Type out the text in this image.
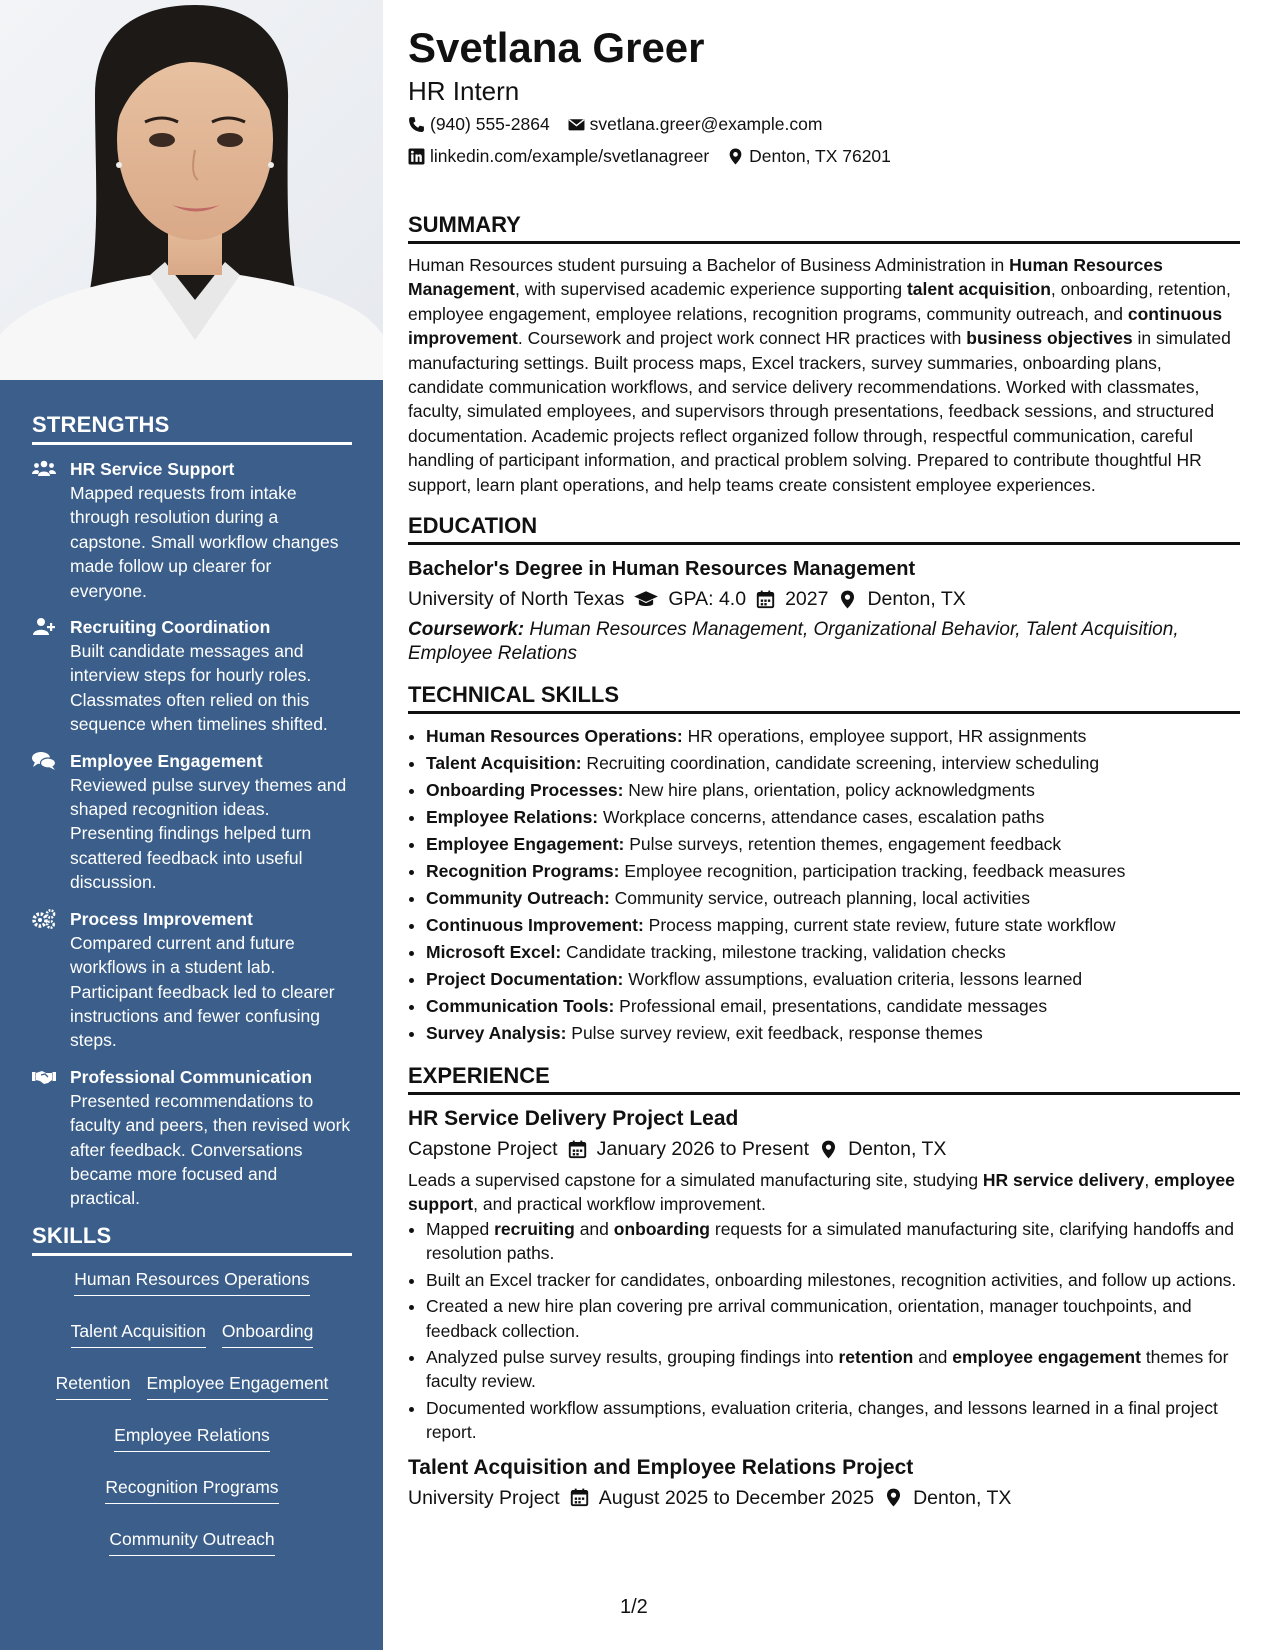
STRENGTHS
HR Service Support
Mapped requests from intake through resolution during a capstone. Small workflow changes made follow up clearer for everyone.
Recruiting Coordination
Built candidate messages and interview steps for hourly roles. Classmates often relied on this sequence when timelines shifted.
Employee Engagement
Reviewed pulse survey themes and shaped recognition ideas. Presenting findings helped turn scattered feedback into useful discussion.
Process Improvement
Compared current and future workflows in a student lab. Participant feedback led to clearer instructions and fewer confusing steps.
Professional Communication
Presented recommendations to faculty and peers, then revised work after feedback. Conversations became more focused and practical.
SKILLS
Human Resources Operations
Talent Acquisition Onboarding
Retention Employee Engagement
Employee Relations
Recognition Programs
Community Outreach
Svetlana Greer
HR Intern
(940) 555-2864 svetlana.greer@example.com
linkedin.com/example/svetlanagreer Denton, TX 76201
SUMMARY
Human Resources student pursuing a Bachelor of Business Administration in Human Resources Management, with supervised academic experience supporting talent acquisition, onboarding, retention, employee engagement, employee relations, recognition programs, community outreach, and continuous improvement. Coursework and project work connect HR practices with business objectives in simulated manufacturing settings. Built process maps, Excel trackers, survey summaries, onboarding plans, candidate communication workflows, and service delivery recommendations. Worked with classmates, faculty, simulated employees, and supervisors through presentations, feedback sessions, and structured documentation. Academic projects reflect organized follow through, respectful communication, careful handling of participant information, and practical problem solving. Prepared to contribute thoughtful HR support, learn plant operations, and help teams create consistent employee experiences.
EDUCATION
Bachelor's Degree in Human Resources Management
University of North Texas GPA: 4.0 2027 Denton, TX
Coursework: Human Resources Management, Organizational Behavior, Talent Acquisition, Employee Relations
TECHNICAL SKILLS
• Human Resources Operations: HR operations, employee support, HR assignments
• Talent Acquisition: Recruiting coordination, candidate screening, interview scheduling
• Onboarding Processes: New hire plans, orientation, policy acknowledgments
• Employee Relations: Workplace concerns, attendance cases, escalation paths
• Employee Engagement: Pulse surveys, retention themes, engagement feedback
• Recognition Programs: Employee recognition, participation tracking, feedback measures
• Community Outreach: Community service, outreach planning, local activities
• Continuous Improvement: Process mapping, current state review, future state workflow
• Microsoft Excel: Candidate tracking, milestone tracking, validation checks
• Project Documentation: Workflow assumptions, evaluation criteria, lessons learned
• Communication Tools: Professional email, presentations, candidate messages
• Survey Analysis: Pulse survey review, exit feedback, response themes
EXPERIENCE
HR Service Delivery Project Lead
Capstone Project January 2026 to Present Denton, TX
Leads a supervised capstone for a simulated manufacturing site, studying HR service delivery, employee support, and practical workflow improvement.
• Mapped recruiting and onboarding requests for a simulated manufacturing site, clarifying handoffs and resolution paths.
• Built an Excel tracker for candidates, onboarding milestones, recognition activities, and follow up actions.
• Created a new hire plan covering pre arrival communication, orientation, manager touchpoints, and feedback collection.
• Analyzed pulse survey results, grouping findings into retention and employee engagement themes for faculty review.
• Documented workflow assumptions, evaluation criteria, changes, and lessons learned in a final project report.
Talent Acquisition and Employee Relations Project
University Project August 2025 to December 2025 Denton, TX
1/2
